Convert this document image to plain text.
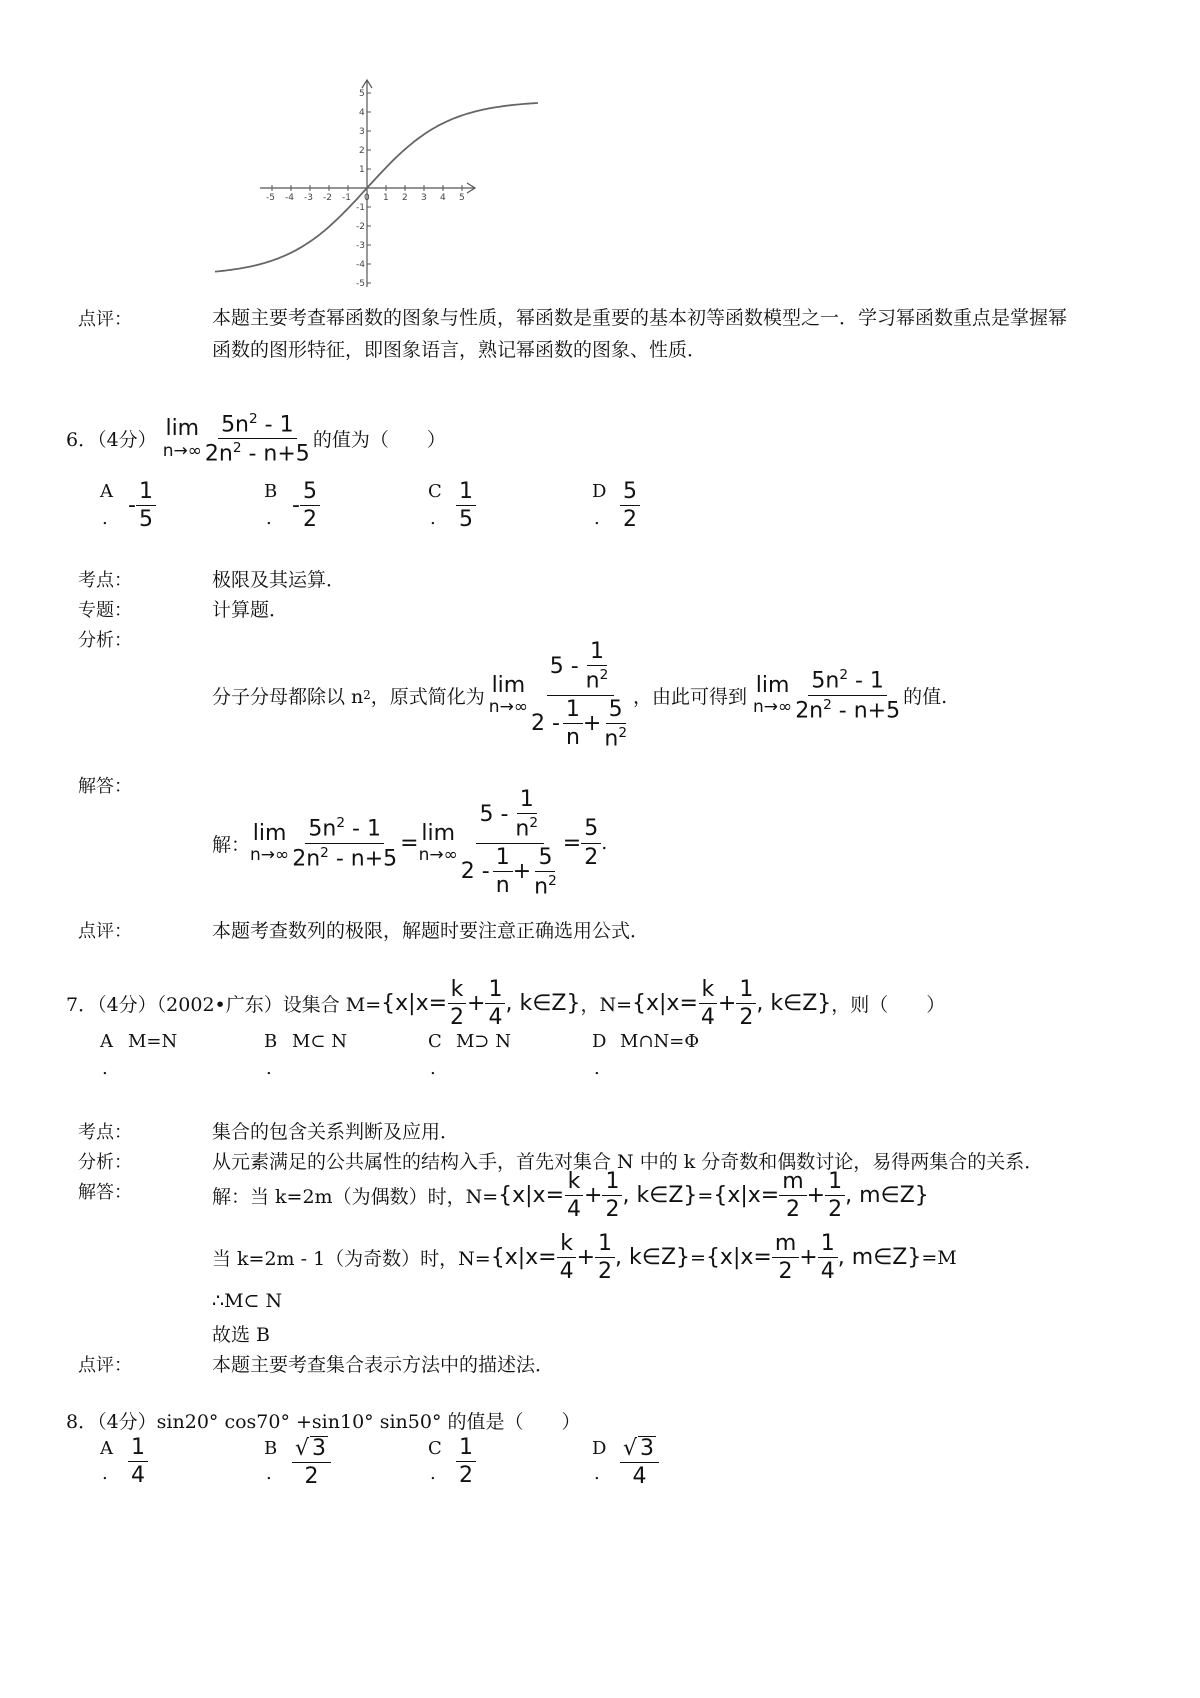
-5 -4 -3 -2 -1 0 1 2 3 4 5
5
4
3
2
1
-1
-2
-3
-4
-5
点评：	本题主要考查幂函数的图象与性质，幂函数是重要的基本初等函数模型之一．学习幂函数重点是掌握幂
函数的图形特征，即图象语言，熟记幂函数的图象、性质．
6．（4分） lim
$n\to\infty \frac{5n^2 - 1}{2n^2 - n+5}$ 的值为（　　）
A
.
- $\frac{1}{5}$	B
.
- $\frac{5}{2}$	C
. $\frac{1}{5}$	D
. $\frac{5}{2}$
考点：	极限及其运算．
专题：	计算题．
分析：
分子分母都除以 n 2 ，原式简化为 lim
$n\to\infty \frac{5 - \frac{1}{n^2}}{2 - \frac{1}{n} + \frac{5}{n^2}}$ ，由此可得到 lim
$n\to\infty \frac{5n^2 - 1}{2n^2 - n+5}$ 的值.
解答：
解： lim
$n\to\infty \frac{5n^2 - 1}{2n^2 - n+5} = \lim$
$n\to\infty \frac{5 - \frac{1}{n^2}}{2 - \frac{1}{n} + \frac{5}{n^2}} = \frac{5}{2}$ .
点评：	本题考查数列的极限，解题时要注意正确选用公式．
7．（4分）（2002•广东）设集合 $M= \{x|x= \frac{k}{2} + \frac{1}{4}$ , k∈Z} ，$N= \{x|x= \frac{k}{4} + \frac{1}{2}$ , k∈Z} ，则（　　）
A M=N
.
B M⊂ N
.
C M⊃ N
.
D M∩N=Φ
.
考点：	集合的包含关系判断及应用．
分析：	从元素满足的公共属性的结构入手，首先对集合 N 中的 k 分奇数和偶数讨论，易得两集合的关系．
解答：	解：当 k=2m（为偶数）时，$N= \{x|x= \frac{k}{4} + \frac{1}{2}$ , k∈Z} = {$x|x= \frac{m}{2} + \frac{1}{2}$ , m∈Z}
当 k=2m - 1（为奇数）时，$N= \{x|x= \frac{k}{4} + \frac{1}{2}$ , k∈Z} = {$x|x= \frac{m}{2} + \frac{1}{4}$ , m∈Z} =M
∴M⊂ N
故选 B
点评：	本题主要考查集合表示方法中的描述法．
8．（4分）sin20° cos70° +sin10° sin50° 的值是（　　）
A
. $\frac{1}{4}$	B
. $\frac{√ 3}{2}$	C
. $\frac{1}{2}$	D
. $\frac{√ 3}{4}$
